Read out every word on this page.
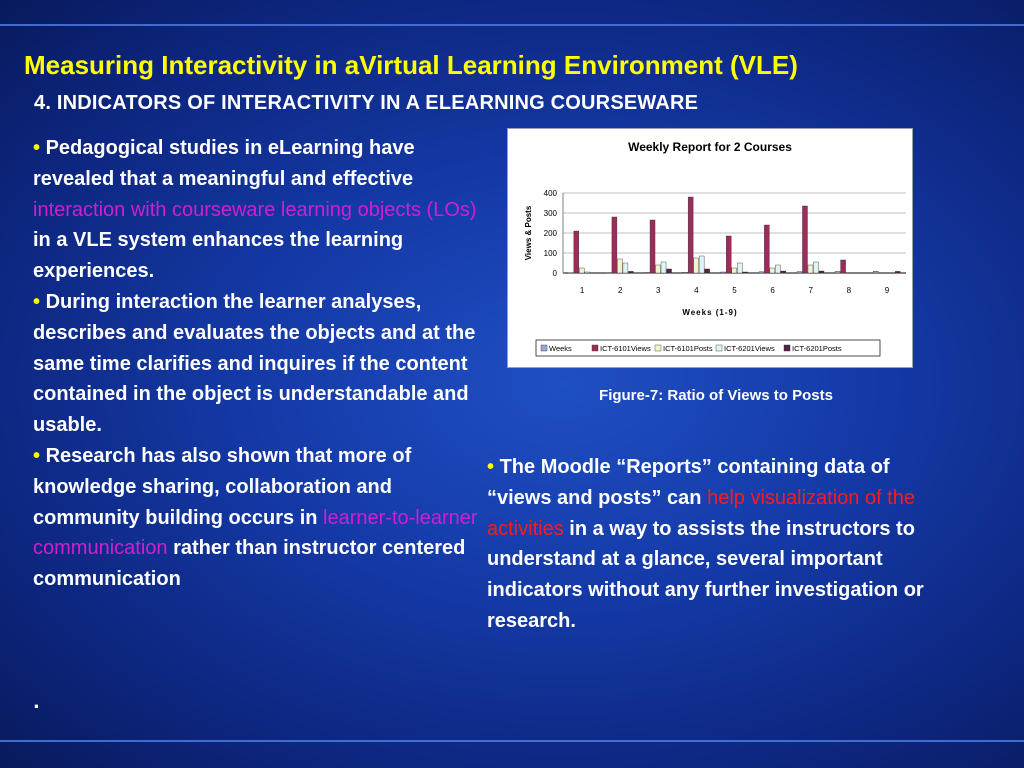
Measuring Interactivity in aVirtual Learning Environment (VLE)
4. INDICATORS OF INTERACTIVITY IN A ELEARNING COURSEWARE

• Pedagogical studies in eLearning have revealed that a meaningful and effective interaction with courseware learning objects (LOs) in a VLE system enhances the learning experiences.

• During interaction the learner analyses, describes and evaluates the objects and at the same time clarifies and inquires if the content contained in the object is understandable and usable.

• Research has also shown that more of knowledge sharing, collaboration and community building occurs in learner-to-learner communication rather than instructor centered communication

.
Weekly Report for 2 Courses
0
100
200
300
400
Views & Posts
1	2	3	4	5	6	7	8	9
Weeks (1-9)
Weeks	ICT-6101Views ICT-6101Posts ICT-6201Views ICT-6201Posts
Figure-7: Ratio of Views to Posts

• The Moodle “Reports” containing data of “views and posts” can help visualization of the activities in a way to assists the instructors to understand at a glance, several important indicators without any further investigation or research.
